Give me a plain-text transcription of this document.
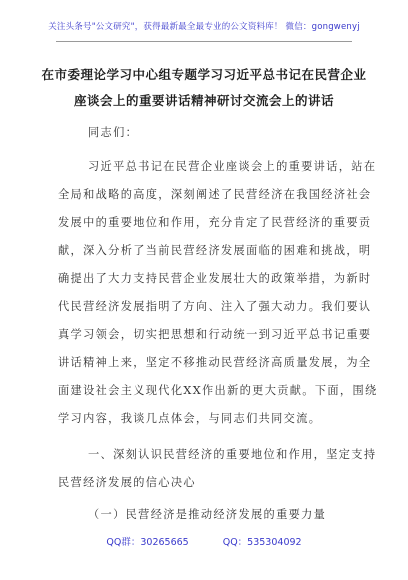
关注头条号"公文研究"，获得最新最全最专业的公文资料库！ 微信：gongwenyj
在市委理论学习中心组专题学习习近平总书记在民营企业
座谈会上的重要讲话精神研讨交流会上的讲话
同志们：
习近平总书记在民营企业座谈会上的重要讲话，站在
全局和战略的高度，深刻阐述了民营经济在我国经济社会
发展中的重要地位和作用，充分肯定了民营经济的重要贡
献，深入分析了当前民营经济发展面临的困难和挑战，明
确提出了大力支持民营企业发展壮大的政策举措，为新时
代民营经济发展指明了方向、注入了强大动力。我们要认
真学习领会，切实把思想和行动统一到习近平总书记重要
讲话精神上来，坚定不移推动民营经济高质量发展，为全
面建设社会主义现代化XX作出新的更大贡献。下面，围绕
学习内容，我谈几点体会，与同志们共同交流。
一、深刻认识民营经济的重要地位和作用，坚定支持
民营经济发展的信心决心
（一）民营经济是推动经济发展的重要力量
QQ群：30265665	QQ：535304092
